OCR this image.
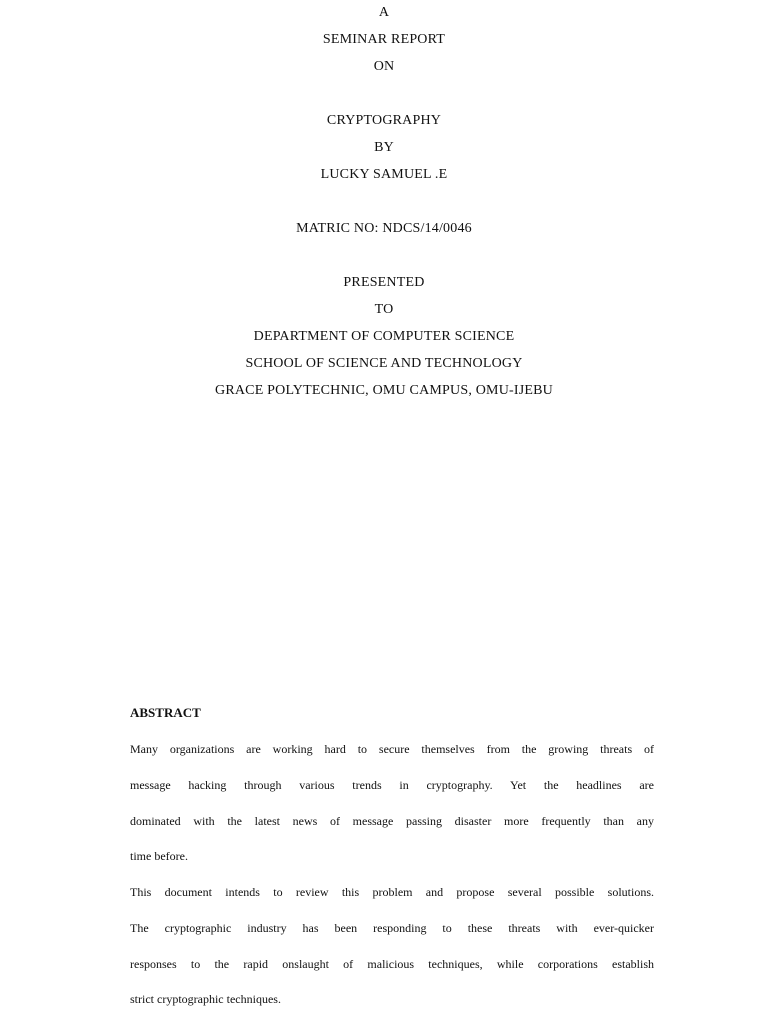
A
SEMINAR REPORT
ON
CRYPTOGRAPHY
BY
LUCKY SAMUEL .E
MATRIC NO: NDCS/14/0046
PRESENTED
TO
DEPARTMENT OF COMPUTER SCIENCE
SCHOOL OF SCIENCE AND TECHNOLOGY
GRACE POLYTECHNIC, OMU CAMPUS, OMU-IJEBU
ABSTRACT
Many organizations are working hard to secure themselves from the growing threats of
message hacking through various trends in cryptography. Yet the headlines are
dominated with the latest news of message passing disaster more frequently than any
time before.
This document intends to review this problem and propose several possible solutions.
The cryptographic industry has been responding to these threats with ever-quicker
responses to the rapid onslaught of malicious techniques, while corporations establish
strict cryptographic techniques.
